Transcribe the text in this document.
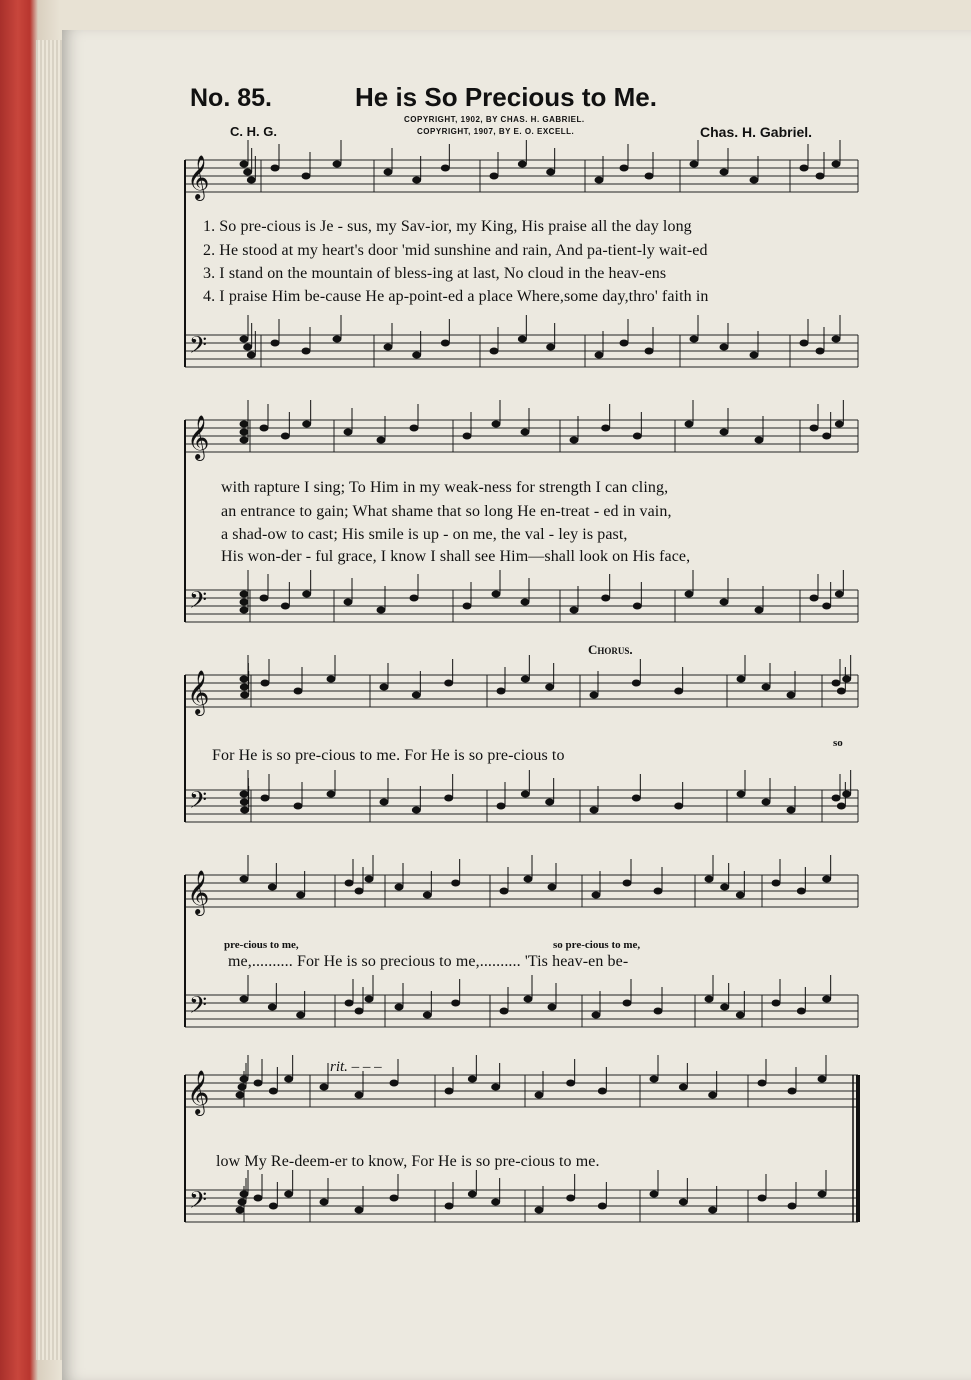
No. 85.	He is So Precious to Me.
COPYRIGHT, 1902, BY CHAS. H. GABRIEL.
COPYRIGHT, 1907, BY E. O. EXCELL.
C. H. G.	Chas. H. Gabriel.
𝄞
𝄢
𝄞
𝄢
𝄞
𝄢
𝄞
𝄢
𝄞
𝄢
1. So pre-cious is Je - sus, my Sav-ior, my King, His praise all the day long
2. He stood at my heart's door 'mid sunshine and rain, And pa-tient-ly wait-ed
3. I stand on the mountain of bless-ing at last, No cloud in the heav-ens
4. I praise Him be-cause He ap-point-ed a place Where,some day,thro' faith in
with rapture I sing; To Him in my weak-ness for strength I can cling,
an entrance to gain; What shame that so long He en-treat - ed in vain,
a shad-ow to cast; His smile is up - on me, the val - ley is past,
His won-der - ful grace, I know I shall see Him—shall look on His face,
Chorus.
For He is so pre-cious to me. For He is so pre-cious to
so
pre-cious to me,	so pre-cious to me,
me,.......... For He is so precious to me,.......... 'Tis heav-en be-
rit. – – –
low My Re-deem-er to know, For He is so pre-cious to me.
